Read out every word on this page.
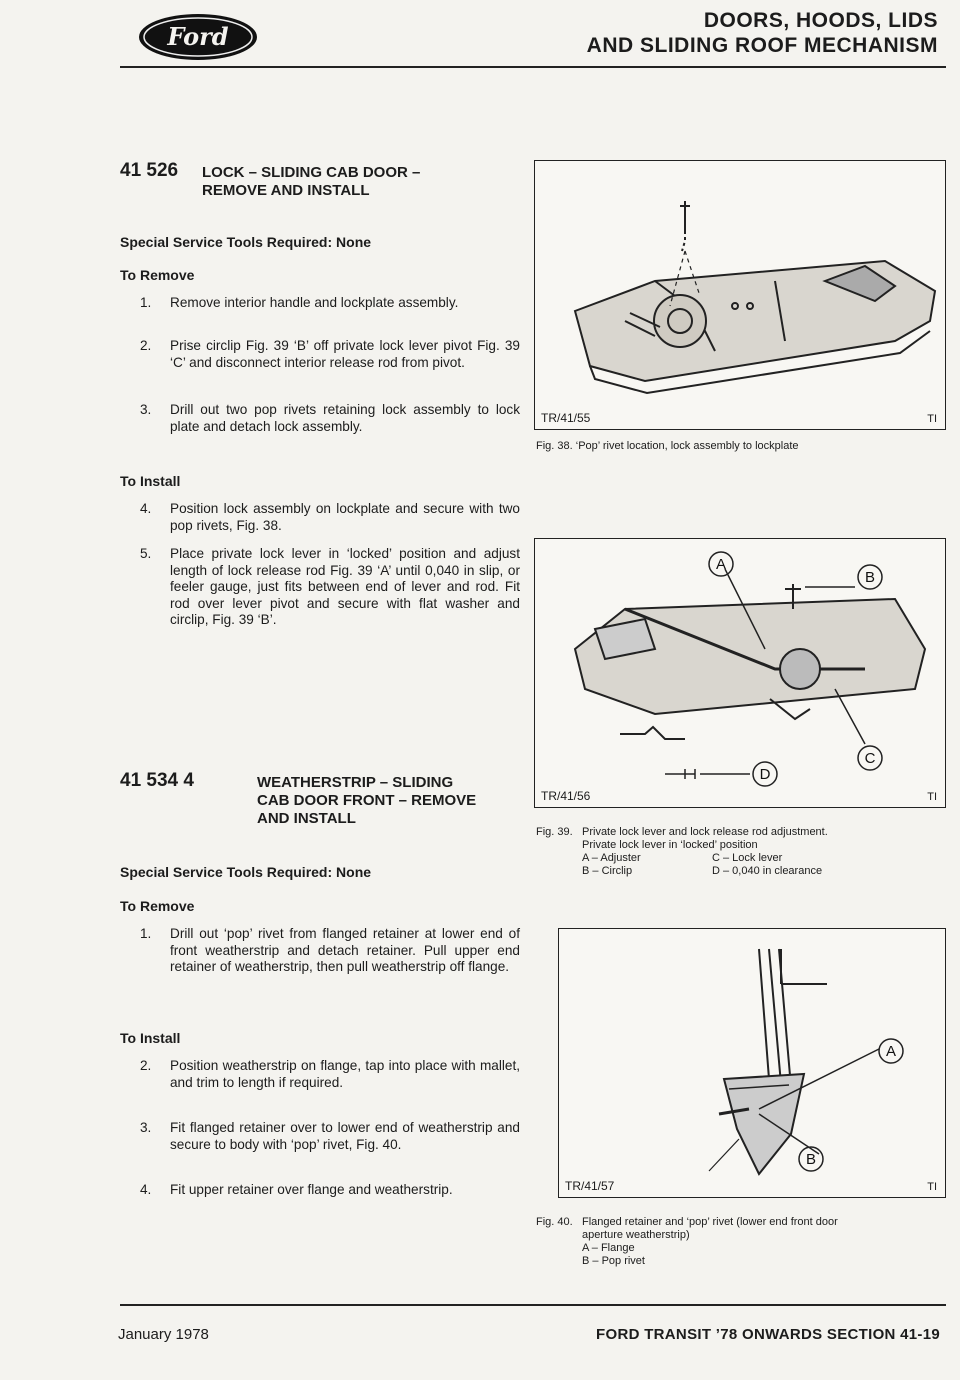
Ford
DOORS, HOODS, LIDS
AND SLIDING ROOF MECHANISM
41 526 LOCK – SLIDING CAB DOOR –
REMOVE AND INSTALL
Special Service Tools Required: None
To Remove
1.	Remove interior handle and lockplate assembly.
2.	Prise circlip Fig. 39 ‘B’ off private lock lever pivot Fig. 39 ‘C’ and disconnect interior release rod from pivot.
3.	Drill out two pop rivets retaining lock assembly to lock plate and detach lock assembly.
To Install
4.	Position lock assembly on lockplate and secure with two pop rivets, Fig. 38.
5.	Place private lock lever in ‘locked’ position and adjust length of lock release rod Fig. 39 ‘A’ until 0,040 in slip, or feeler gauge, just fits between end of lever and rod. Fit rod over lever pivot and secure with flat washer and circlip, Fig. 39 ‘B’.
41 534 4	WEATHERSTRIP – SLIDING
CAB DOOR FRONT – REMOVE
AND INSTALL
Special Service Tools Required: None
To Remove
1.	Drill out ‘pop’ rivet from flanged retainer at lower end of front weatherstrip and detach retainer. Pull upper end retainer of weatherstrip, then pull weatherstrip off flange.
To Install
2.	Position weatherstrip on flange, tap into place with mallet, and trim to length if required.
3.	Fit flanged retainer over to lower end of weatherstrip and secure to body with ‘pop’ rivet, Fig. 40.
4.	Fit upper retainer over flange and weatherstrip.
TR/41/55	TI
Fig. 38. ‘Pop’ rivet location, lock assembly to lockplate
A
B
C
D
TR/41/56	TI
Fig. 39. Private lock lever and lock release rod adjustment.
Private lock lever in ‘locked’ position
A – Adjuster	C – Lock lever
B – Circlip	D – 0,040 in clearance
A
B
TR/41/57	TI
Fig. 40. Flanged retainer and ‘pop’ rivet (lower end front door
aperture weatherstrip)
A – Flange
B – Pop rivet
January 1978	FORD TRANSIT ’78 ONWARDS SECTION 41-19
